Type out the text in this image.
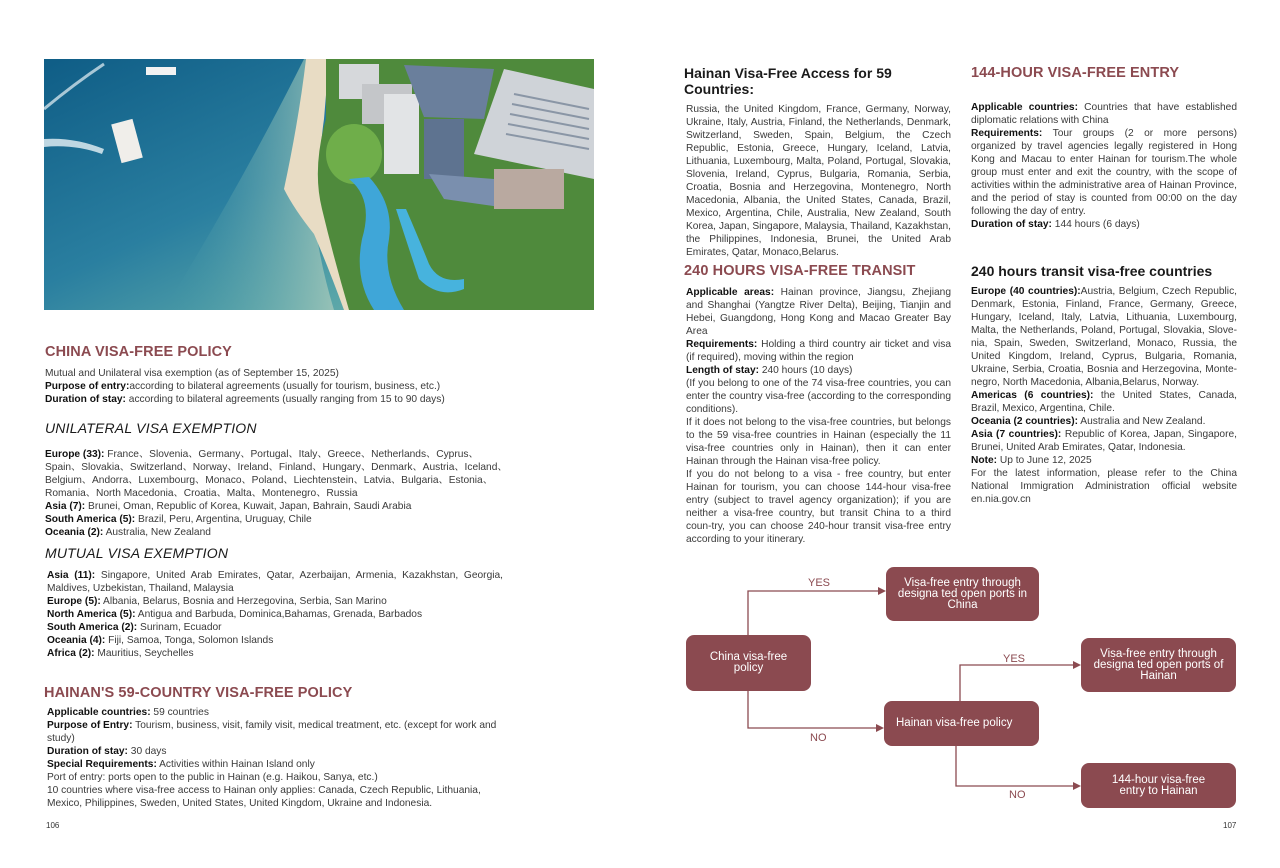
CHINA VISA-FREE POLICY
Mutual and Unilateral visa exemption (as of September 15, 2025)
Purpose of entry:according to bilateral agreements (usually for tourism, business, etc.)
Duration of stay: according to bilateral agreements (usually ranging from 15 to 90 days)
UNILATERAL VISA EXEMPTION
Europe (33): France、Slovenia、Germany、Portugal、Italy、Greece、Netherlands、Cyprus、
Spain、Slovakia、Switzerland、Norway、Ireland、Finland、Hungary、Denmark、Austria、Iceland、
Belgium、Andorra、Luxembourg、Monaco、Poland、Liechtenstein、Latvia、Bulgaria、Estonia、
Romania、North Macedonia、Croatia、Malta、Montenegro、Russia
Asia (7): Brunei, Oman, Republic of Korea, Kuwait, Japan, Bahrain, Saudi Arabia
South America (5): Brazil, Peru, Argentina, Uruguay, Chile
Oceania (2): Australia, New Zealand
MUTUAL VISA EXEMPTION
Asia (11): Singapore, United Arab Emirates, Qatar, Azerbaijan, Armenia, Kazakhstan, Georgia, Maldives, Uzbekistan, Thailand, Malaysia
Europe (5): Albania, Belarus, Bosnia and Herzegovina, Serbia, San Marino
North America (5): Antigua and Barbuda, Dominica,Bahamas, Grenada, Barbados
South America (2): Surinam, Ecuador
Oceania (4): Fiji, Samoa, Tonga, Solomon Islands
Africa (2): Mauritius, Seychelles
HAINAN'S 59-COUNTRY VISA-FREE POLICY
Applicable countries: 59 countries
Purpose of Entry: Tourism, business, visit, family visit, medical treatment, etc. (except for work and study)
Duration of stay: 30 days
Special Requirements: Activities within Hainan Island only
Port of entry: ports open to the public in Hainan (e.g. Haikou, Sanya, etc.)
10 countries where visa-free access to Hainan only applies: Canada, Czech Republic, Lithuania, Mexico, Philippines, Sweden, United States, United Kingdom, Ukraine and Indonesia.
106
Hainan Visa-Free Access for 59 Countries:
Russia, the United Kingdom, France, Germany, Norway, Ukraine, Italy, Austria, Finland, the Netherlands, Denmark, Switzerland, Sweden, Spain, Belgium, the Czech Republic, Estonia, Greece, Hungary, Iceland, Latvia, Lithuania, Luxembourg, Malta, Poland, Portugal, Slovakia, Slovenia, Ireland, Cyprus, Bulgaria, Romania, Serbia, Croatia, Bosnia and Herzegovina, Montenegro, North Macedonia, Albania, the United States, Canada, Brazil, Mexico, Argentina, Chile, Australia, New Zealand, South Korea, Japan, Singapore, Malaysia, Thailand, Kazakhstan, the Philippines, Indonesia, Brunei, the United Arab Emirates, Qatar, Monaco,Belarus.
144-HOUR VISA-FREE ENTRY
Applicable countries: Countries that have established diplomatic relations with China
Requirements: Tour groups (2 or more persons) organized by travel agencies legally registered in Hong Kong and Macau to enter Hainan for tourism.The whole group must enter and exit the country, with the scope of activities within the administrative area of Hainan Province, and the period of stay is counted from 00:00 on the day following the day of entry.
Duration of stay: 144 hours (6 days)
240 HOURS VISA-FREE TRANSIT
Applicable areas: Hainan province, Jiangsu, Zhejiang and Shanghai (Yangtze River Delta), Beijing, Tianjin and Hebei, Guangdong, Hong Kong and Macao Greater Bay Area
Requirements: Holding a third country air ticket and visa (if required), moving within the region
Length of stay: 240 hours (10 days)
(If you belong to one of the 74 visa-free countries, you can enter the country visa-free (according to the corresponding conditions).
If it does not belong to the visa-free countries, but belongs to the 59 visa-free countries in Hainan (especially the 11 visa-free countries only in Hainan), then it can enter Hainan through the Hainan visa-free policy.
If you do not belong to a visa - free country, but enter Hainan for tourism, you can choose 144-hour visa-free entry (subject to travel agency organization); if you are neither a visa-free country, but transit China to a third coun-try, you can choose 240-hour transit visa-free entry according to your itinerary.
240 hours transit visa-free countries
Europe (40 countries):Austria, Belgium, Czech Republic, Denmark, Estonia, Finland, France, Germany, Greece, Hungary, Iceland, Italy, Latvia, Lithuania, Luxembourg, Malta, the Netherlands, Poland, Portugal, Slovakia, Slove-nia, Spain, Sweden, Switzerland, Monaco, Russia, the United Kingdom, Ireland, Cyprus, Bulgaria, Romania, Ukraine, Serbia, Croatia, Bosnia and Herzegovina, Monte-negro, North Macedonia, Albania,Belarus, Norway.
Americas (6 countries): the United States, Canada, Brazil, Mexico, Argentina, Chile.
Oceania (2 countries): Australia and New Zealand.
Asia (7 countries): Republic of Korea, Japan, Singapore, Brunei, United Arab Emirates, Qatar, Indonesia.
Note: Up to June 12, 2025
For the latest information, please refer to the China National Immigration Administration official website en.nia.gov.cn
YES
NO
YES
NO
China visa-free policy
Visa-free entry through designa ted open ports in China
Hainan visa-free policy
Visa-free entry through designa ted open ports of Hainan
144-hour visa-free entry to Hainan
107
